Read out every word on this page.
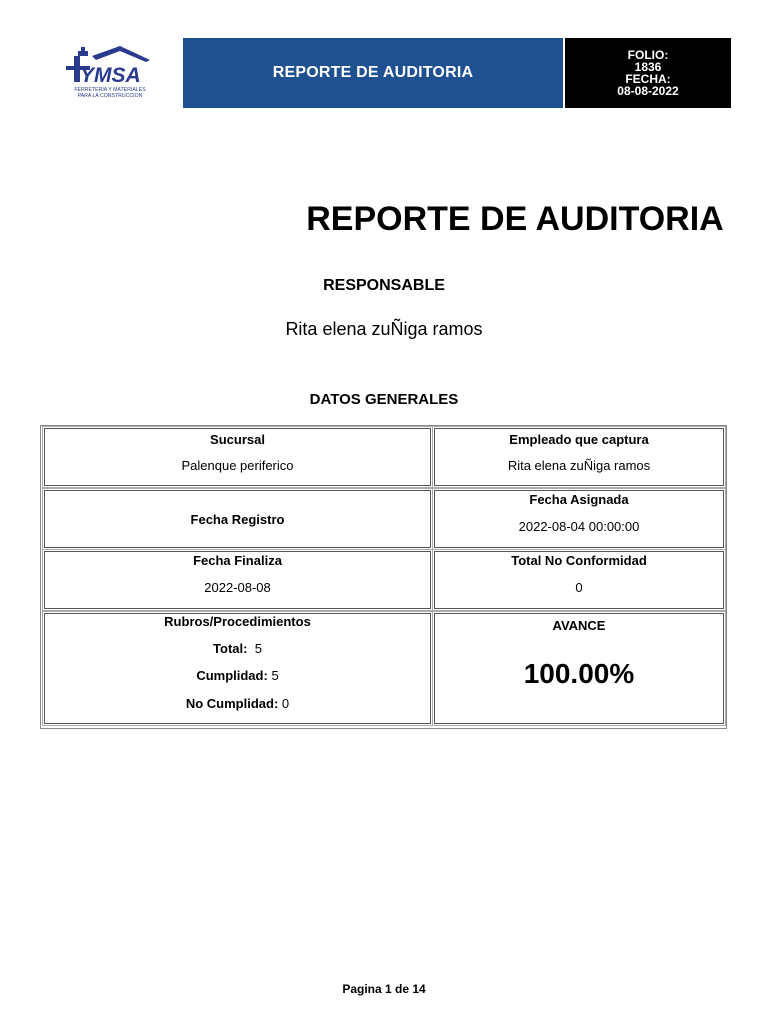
YMSA
FERRETERIA Y MATERIALES
PARA LA CONSTRUCCION
REPORTE DE AUDITORIA
FOLIO:
1836
FECHA:
08-08-2022
REPORTE DE AUDITORIA
RESPONSABLE
Rita elena zuÑiga ramos
DATOS GENERALES
Sucursal
Palenque periferico
Empleado que captura
Rita elena zuÑiga ramos
Fecha Registro
Fecha Asignada
2022-08-04 00:00:00
Fecha Finaliza
2022-08-08
Total No Conformidad
0
Rubros/Procedimientos
Total: 5
Cumplidad: 5
No Cumplidad: 0
AVANCE
100.00%
Pagina 1 de 14
